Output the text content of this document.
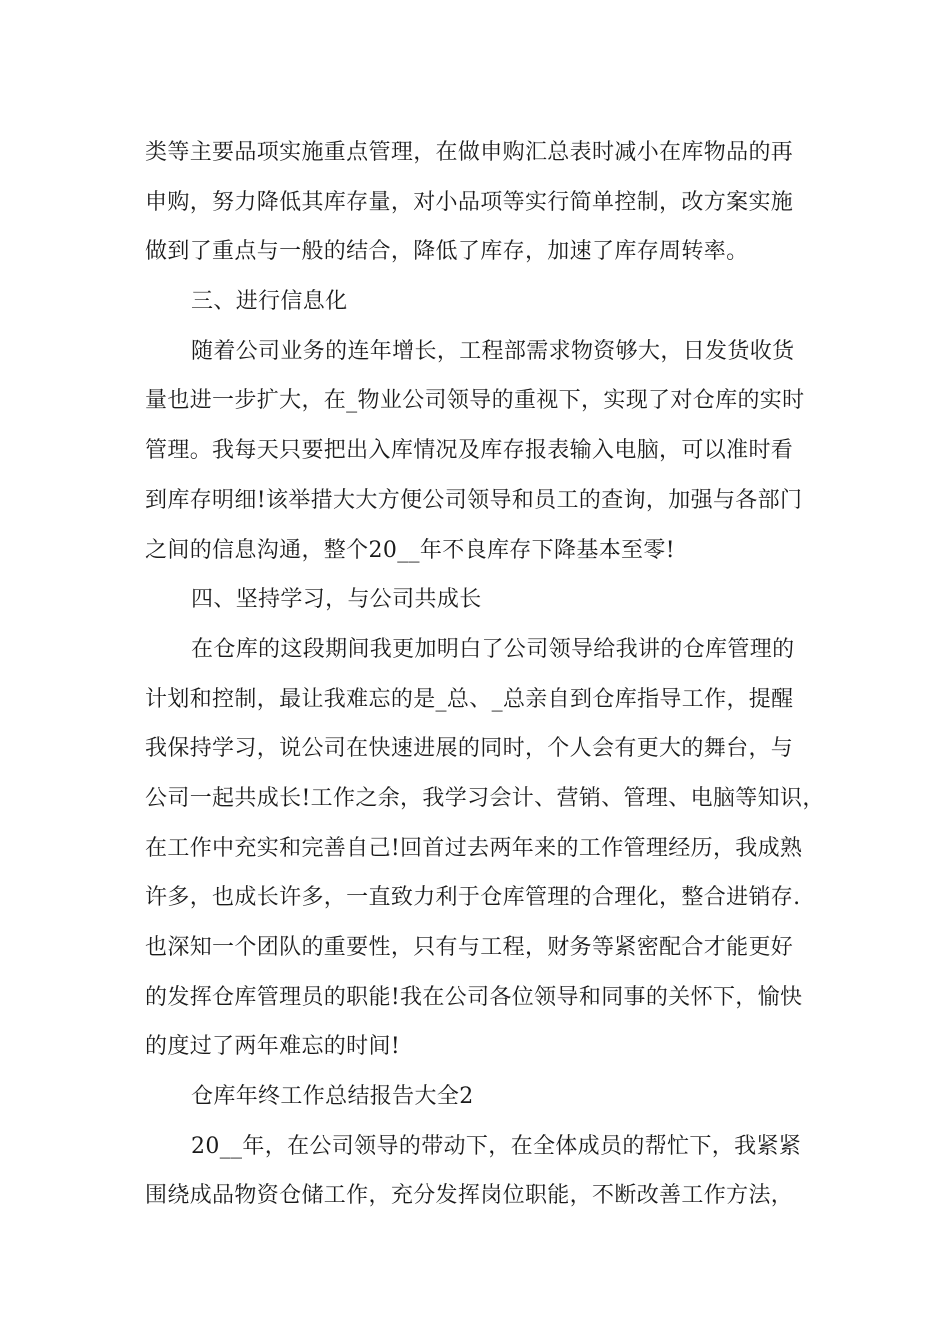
类等主要品项实施重点管理，在做申购汇总表时减小在库物品的再
申购，努力降低其库存量，对小品项等实行简单控制，改方案实施
做到了重点与一般的结合，降低了库存，加速了库存周转率。
三、进行信息化
随着公司业务的连年增长，工程部需求物资够大，日发货收货
量也进一步扩大，在_物业公司领导的重视下，实现了对仓库的实时
管理。我每天只要把出入库情况及库存报表输入电脑，可以准时看
到库存明细!该举措大大方便公司领导和员工的查询，加强与各部门
之间的信息沟通，整个20__年不良库存下降基本至零!
四、坚持学习，与公司共成长
在仓库的这段期间我更加明白了公司领导给我讲的仓库管理的
计划和控制，最让我难忘的是_总、_总亲自到仓库指导工作，提醒
我保持学习，说公司在快速进展的同时，个人会有更大的舞台，与
公司一起共成长!工作之余，我学习会计、营销、管理、电脑等知识，
在工作中充实和完善自己!回首过去两年来的工作管理经历，我成熟
许多，也成长许多，一直致力利于仓库管理的合理化，整合进销存.
也深知一个团队的重要性，只有与工程，财务等紧密配合才能更好
的发挥仓库管理员的职能!我在公司各位领导和同事的关怀下，愉快
的度过了两年难忘的时间!
仓库年终工作总结报告大全2
20__年，在公司领导的带动下，在全体成员的帮忙下，我紧紧
围绕成品物资仓储工作，充分发挥岗位职能，不断改善工作方法，
